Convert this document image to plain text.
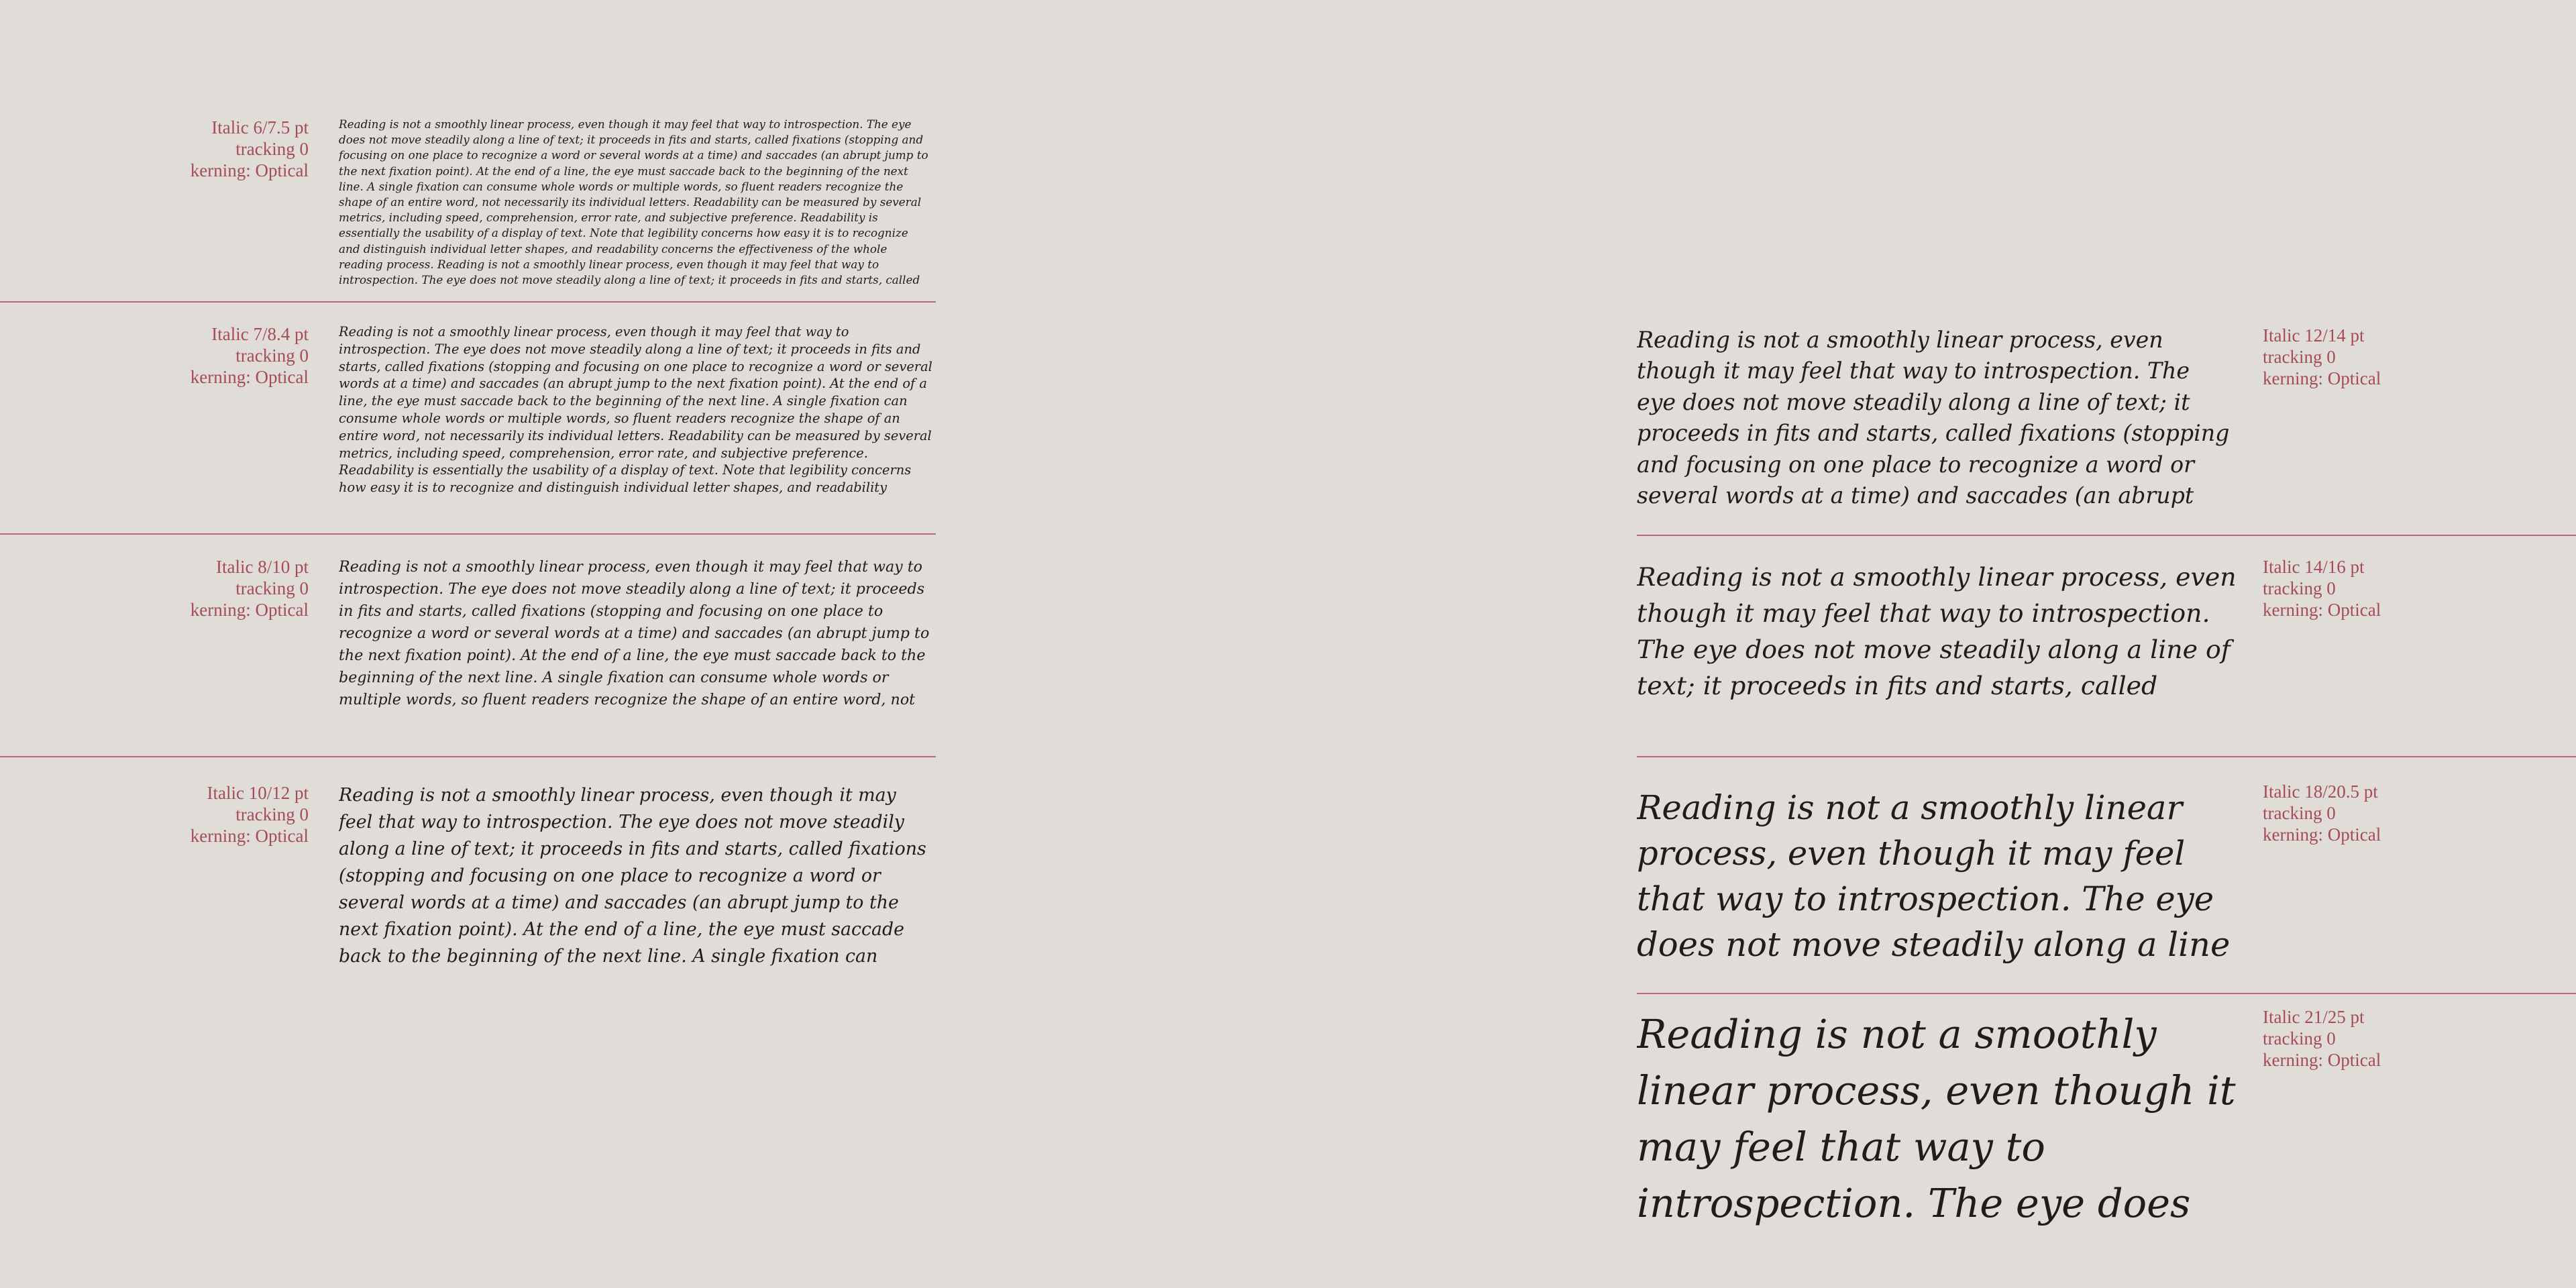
Italic 6/7.5 pt
tracking 0
kerning: Optical

Reading is not a smoothly linear process, even though it may feel that way to introspection. The eye does not move steadily along a line of text; it proceeds in fits and starts, called fixations (stopping and focusing on one place to recognize a word or several words at a time) and saccades (an abrupt jump to the next fixation point). At the end of a line, the eye must saccade back to the beginning of the next line. A single fixation can consume whole words or multiple words, so fluent readers recognize the shape of an entire word, not necessarily its individual letters. Readability can be measured by several metrics, including speed, comprehension, error rate, and subjective preference. Readability is essentially the usability of a display of text. Note that legibility concerns how easy it is to recognize and distinguish individual letter shapes, and readability concerns the effectiveness of the whole reading process. Reading is not a smoothly linear process, even though it may feel that way to introspection. The eye does not move steadily along a line of text; it proceeds in fits and starts, called

Italic 7/8.4 pt
tracking 0
kerning: Optical

Reading is not a smoothly linear process, even though it may feel that way to introspection. The eye does not move steadily along a line of text; it proceeds in fits and starts, called fixations (stopping and focusing on one place to recognize a word or several words at a time) and saccades (an abrupt jump to the next fixation point). At the end of a line, the eye must saccade back to the beginning of the next line. A single fixation can consume whole words or multiple words, so fluent readers recognize the shape of an entire word, not necessarily its individual letters. Readability can be measured by several metrics, including speed, comprehension, error rate, and subjective preference. Readability is essentially the usability of a display of text. Note that legibility concerns how easy it is to recognize and distinguish individual letter shapes, and readability

Italic 8/10 pt
tracking 0
kerning: Optical

Reading is not a smoothly linear process, even though it may feel that way to introspection. The eye does not move steadily along a line of text; it proceeds in fits and starts, called fixations (stopping and focusing on one place to recognize a word or several words at a time) and saccades (an abrupt jump to the next fixation point). At the end of a line, the eye must saccade back to the beginning of the next line. A single fixation can consume whole words or multiple words, so fluent readers recognize the shape of an entire word, not

Italic 10/12 pt
tracking 0
kerning: Optical

Reading is not a smoothly linear process, even though it may feel that way to introspection. The eye does not move steadily along a line of text; it proceeds in fits and starts, called fixations (stopping and focusing on one place to recognize a word or several words at a time) and saccades (an abrupt jump to the next fixation point). At the end of a line, the eye must saccade back to the beginning of the next line. A single fixation can

Reading is not a smoothly linear process, even though it may feel that way to introspection. The eye does not move steadily along a line of text; it proceeds in fits and starts, called fixations (stopping and focusing on one place to recognize a word or several words at a time) and saccades (an abrupt

Italic 12/14 pt
tracking 0
kerning: Optical

Reading is not a smoothly linear process, even though it may feel that way to introspection. The eye does not move steadily along a line of text; it proceeds in fits and starts, called

Italic 14/16 pt
tracking 0
kerning: Optical

Reading is not a smoothly linear process, even though it may feel that way to introspection. The eye does not move steadily along a line

Italic 18/20.5 pt
tracking 0
kerning: Optical

Reading is not a smoothly linear process, even though it may feel that way to introspection. The eye does

Italic 21/25 pt
tracking 0
kerning: Optical
